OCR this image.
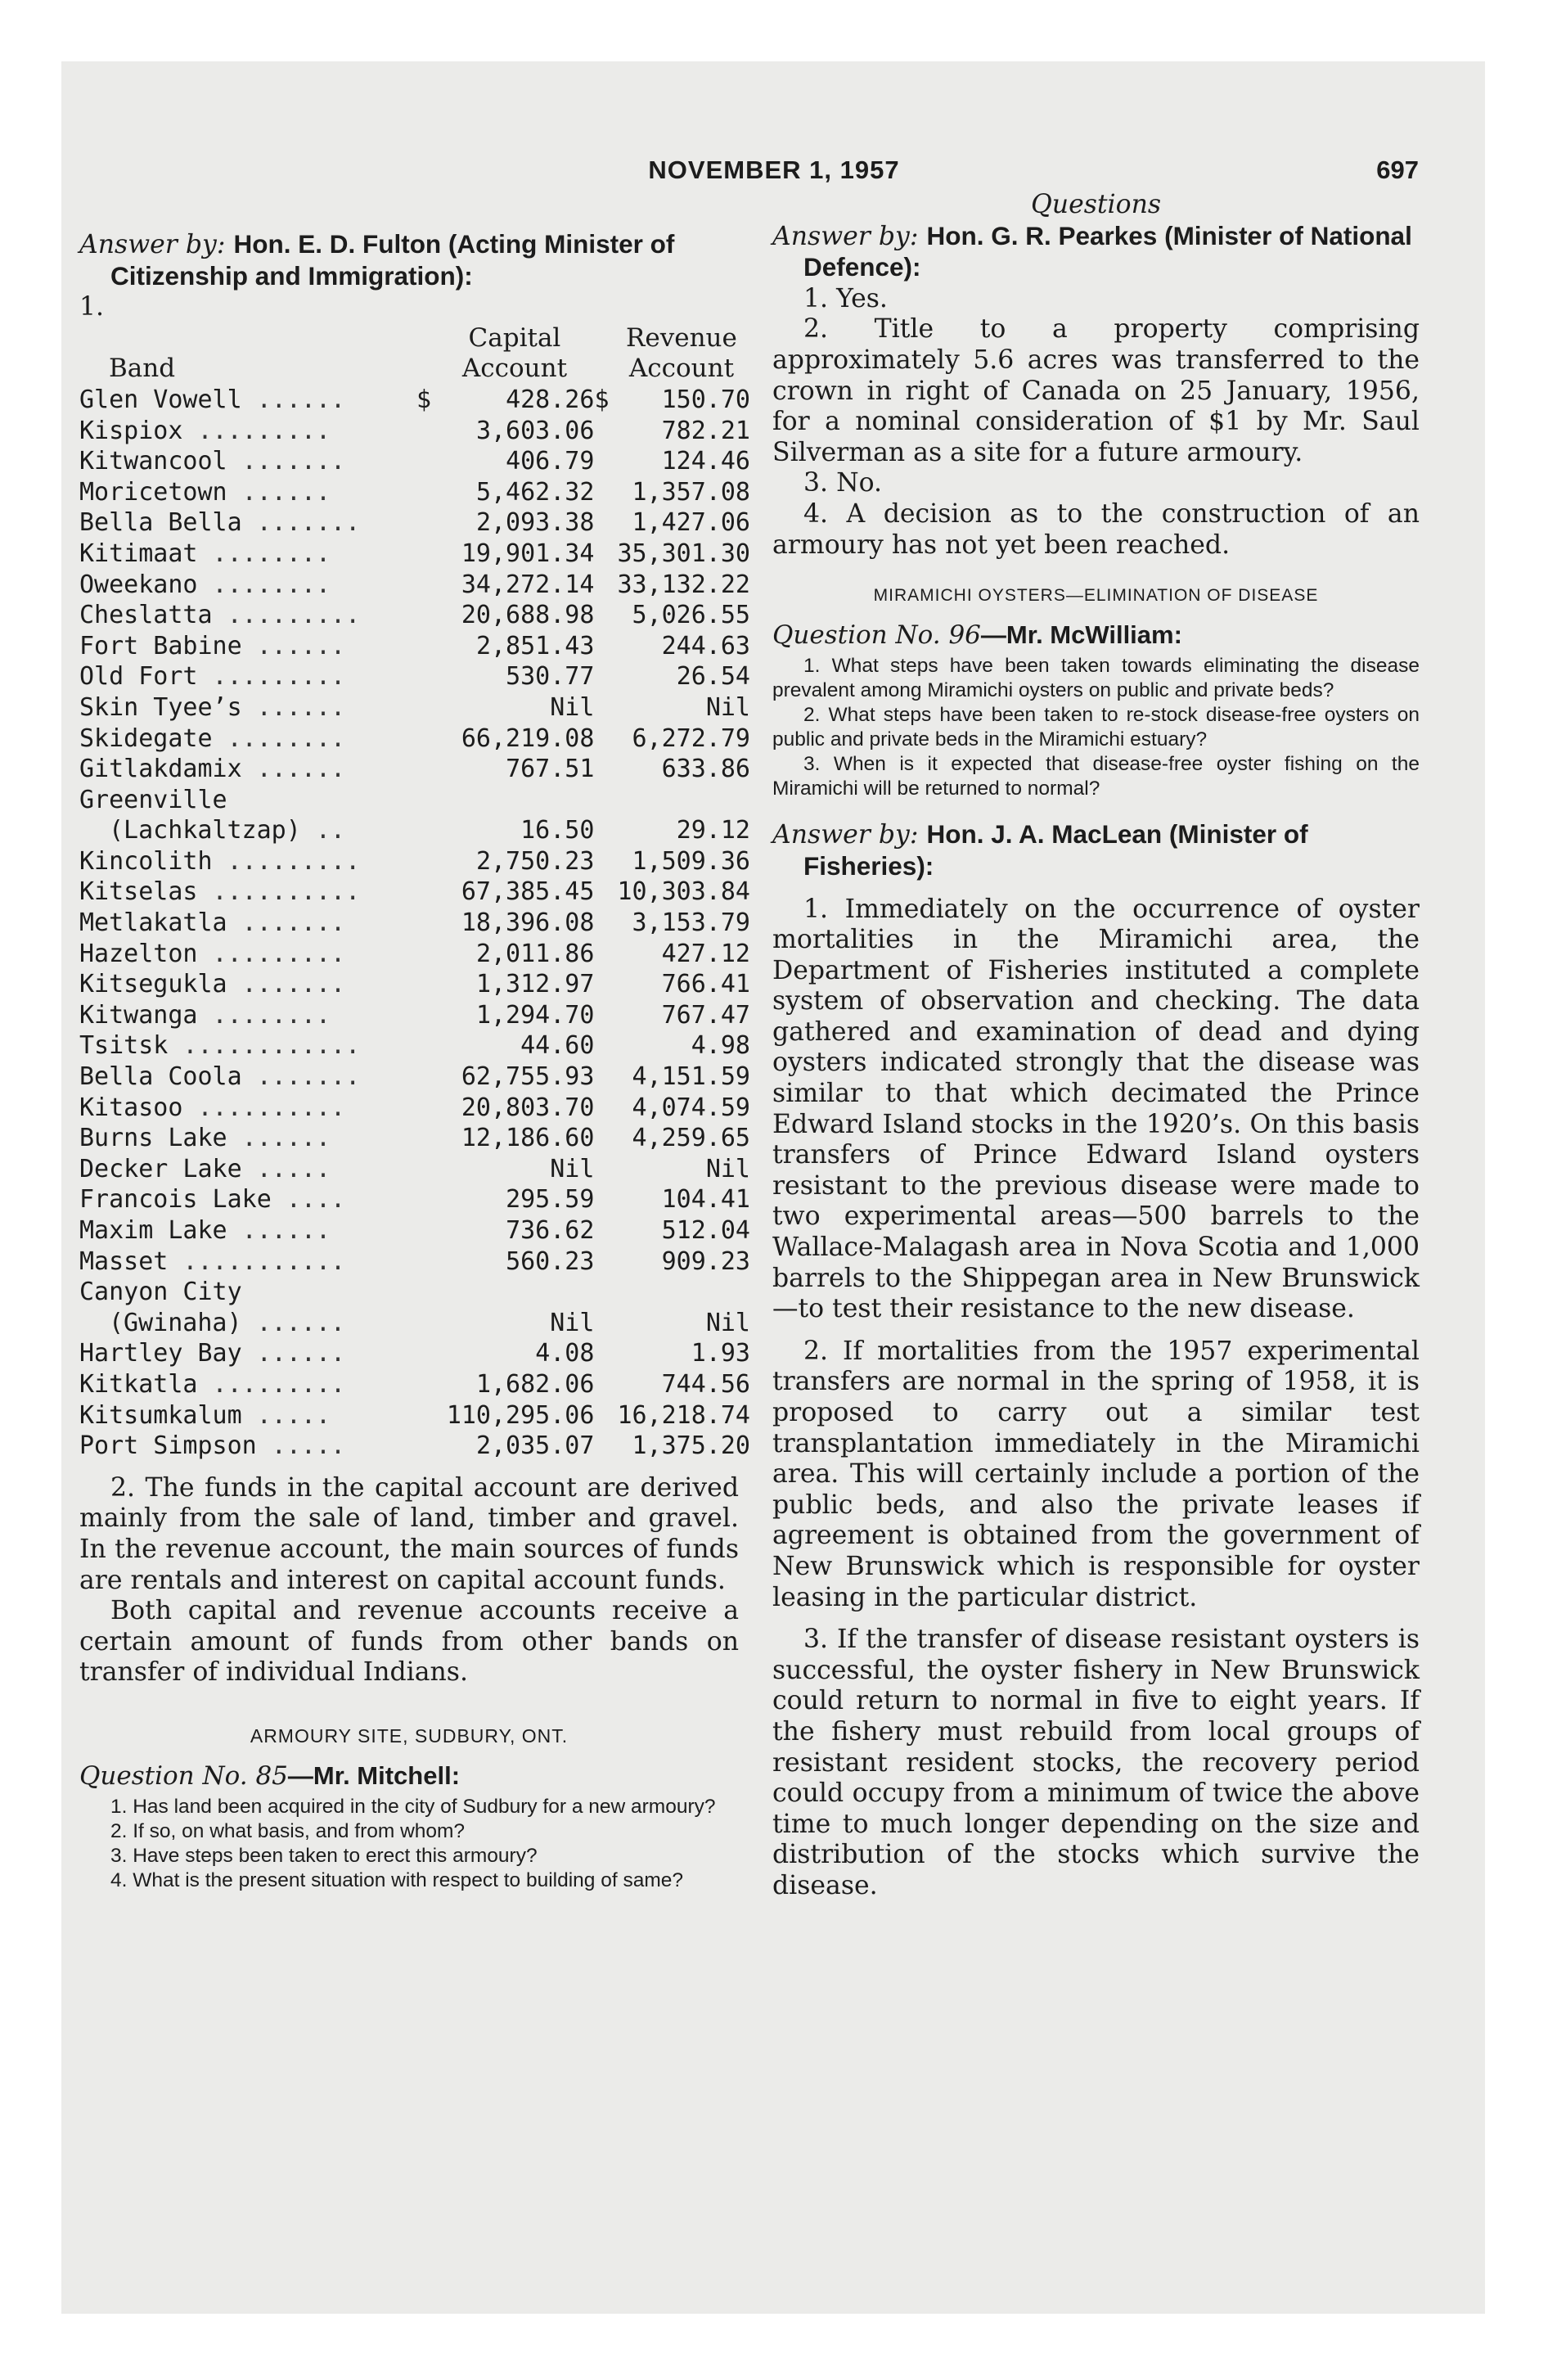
NOVEMBER 1, 1957	697

Answer by: Hon. E. D. Fulton (Acting Minister of Citizenship and Immigration):

1.

		Capital		Revenue
Band		Account		Account
Glen Vowell ......	$	428.26	$	150.70
Kispiox .........		3,603.06		782.21
Kitwancool .......		406.79		124.46
Moricetown ......		5,462.32		1,357.08
Bella Bella .......		2,093.38		1,427.06
Kitimaat ........		19,901.34		35,301.30
Oweekano ........		34,272.14		33,132.22
Cheslatta .........		20,688.98		5,026.55
Fort Babine ......		2,851.43		244.63
Old Fort .........		530.77		26.54
Skin Tyee’s ......		Nil		Nil
Skidegate ........		66,219.08		6,272.79
Gitlakdamix ......		767.51		633.86
Greenville				
(Lachkaltzap) ..		16.50		29.12
Kincolith .........		2,750.23		1,509.36
Kitselas ..........		67,385.45		10,303.84
Metlakatla .......		18,396.08		3,153.79
Hazelton .........		2,011.86		427.12
Kitsegukla .......		1,312.97		766.41
Kitwanga ........		1,294.70		767.47
Tsitsk ............		44.60		4.98
Bella Coola .......		62,755.93		4,151.59
Kitasoo ..........		20,803.70		4,074.59
Burns Lake ......		12,186.60		4,259.65
Decker Lake .....		Nil		Nil
Francois Lake ....		295.59		104.41
Maxim Lake ......		736.62		512.04
Masset ...........		560.23		909.23
Canyon City				
(Gwinaha) ......		Nil		Nil
Hartley Bay ......		4.08		1.93
Kitkatla .........		1,682.06		744.56
Kitsumkalum .....		110,295.06		16,218.74
Port Simpson .....		2,035.07		1,375.20

2. The funds in the capital account are derived mainly from the sale of land, timber and gravel. In the revenue account, the main sources of funds are rentals and interest on capital account funds.

Both capital and revenue accounts receive a certain amount of funds from other bands on transfer of individual Indians.

ARMOURY SITE, SUDBURY, ONT.

Question No. 85—Mr. Mitchell:

1. Has land been acquired in the city of Sudbury for a new armoury?

2. If so, on what basis, and from whom?

3. Have steps been taken to erect this armoury?

4. What is the present situation with respect to building of same?

Questions

Answer by: Hon. G. R. Pearkes (Minister of National Defence):

1. Yes.

2. Title to a property comprising approximately 5.6 acres was transferred to the crown in right of Canada on 25 January, 1956, for a nominal consideration of $1 by Mr. Saul Silverman as a site for a future armoury.

3. No.

4. A decision as to the construction of an armoury has not yet been reached.

MIRAMICHI OYSTERS—ELIMINATION OF DISEASE

Question No. 96—Mr. McWilliam:

1. What steps have been taken towards eliminating the disease prevalent among Miramichi oysters on public and private beds?

2. What steps have been taken to re-stock disease-free oysters on public and private beds in the Miramichi estuary?

3. When is it expected that disease-free oyster fishing on the Miramichi will be returned to normal?

Answer by: Hon. J. A. MacLean (Minister of Fisheries):

1. Immediately on the occurrence of oyster mortalities in the Miramichi area, the Department of Fisheries instituted a complete system of observation and checking. The data gathered and examination of dead and dying oysters indicated strongly that the disease was similar to that which decimated the Prince Edward Island stocks in the 1920’s. On this basis transfers of Prince Edward Island oysters resistant to the previous disease were made to two experimental areas—500 barrels to the Wallace-Malagash area in Nova Scotia and 1,000 barrels to the Shippegan area in New Brunswick—to test their resistance to the new disease.

2. If mortalities from the 1957 experimental transfers are normal in the spring of 1958, it is proposed to carry out a similar test transplantation immediately in the Miramichi area. This will certainly include a portion of the public beds, and also the private leases if agreement is obtained from the government of New Brunswick which is responsible for oyster leasing in the particular district.

3. If the transfer of disease resistant oysters is successful, the oyster fishery in New Brunswick could return to normal in five to eight years. If the fishery must rebuild from local groups of resistant resident stocks, the recovery period could occupy from a minimum of twice the above time to much longer depending on the size and distribution of the stocks which survive the disease.
